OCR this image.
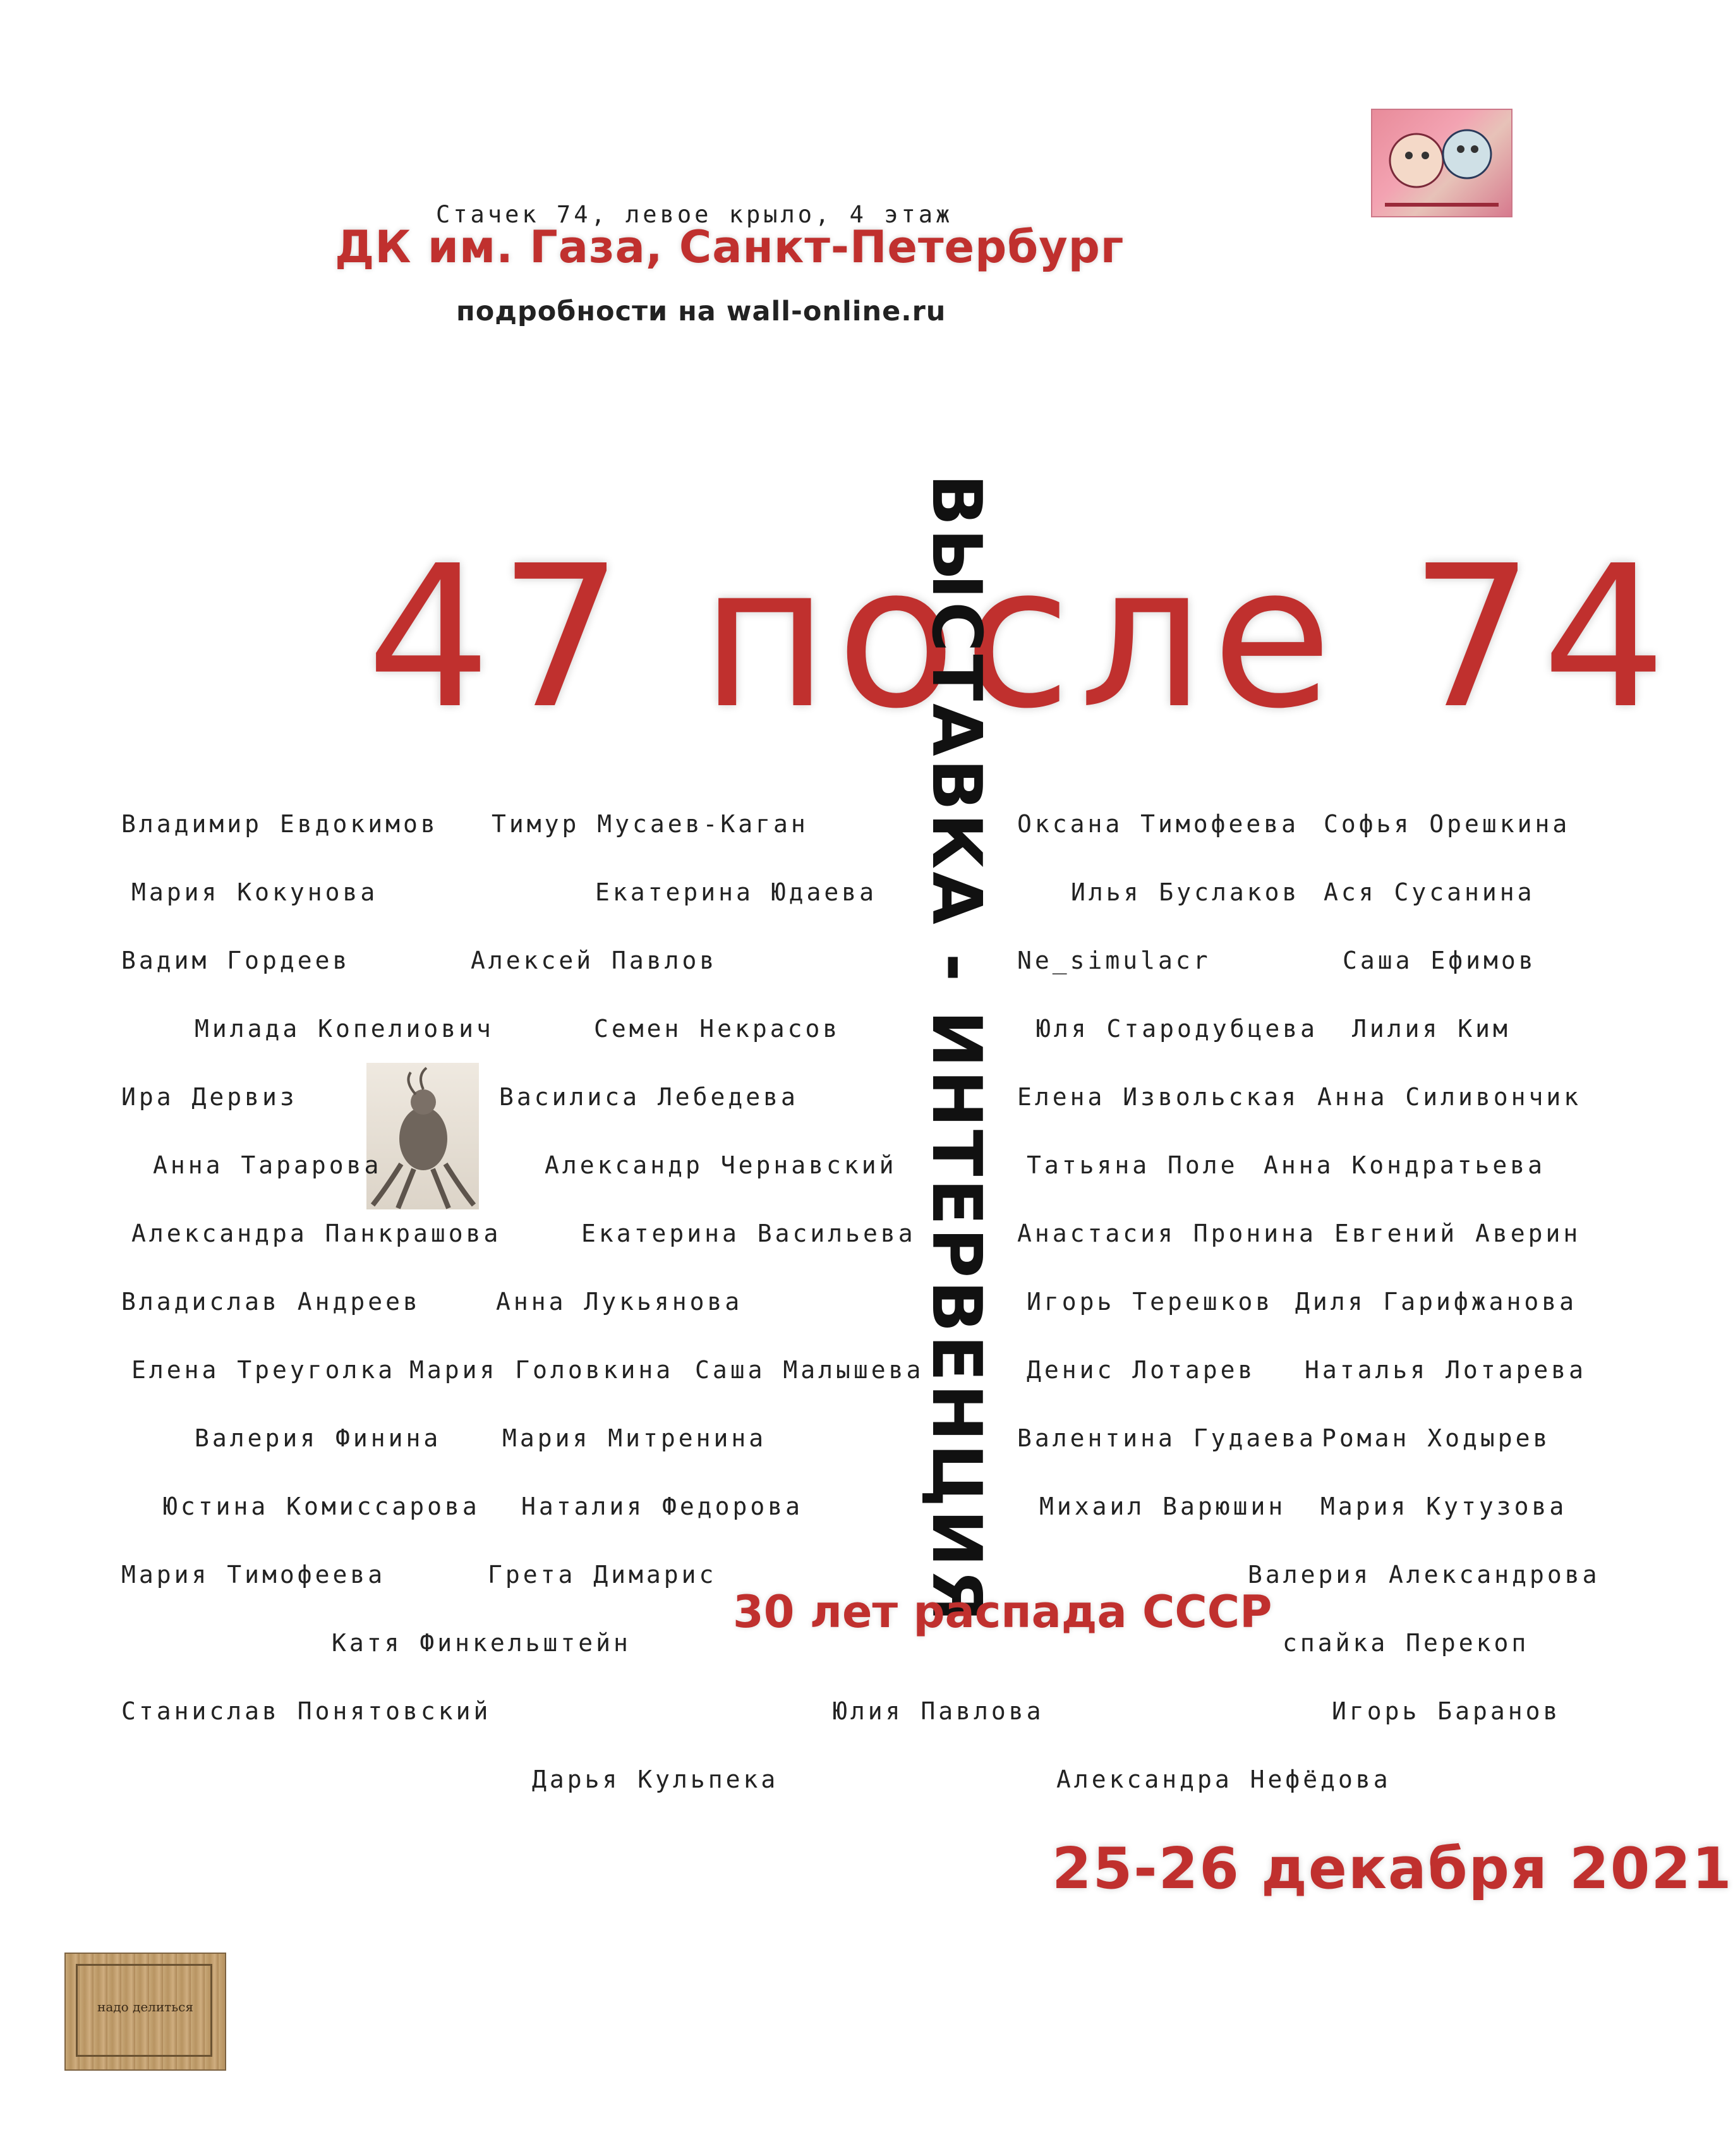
Стачек 74, левое крыло, 4 этаж
ДК им. Газа, Санкт-Петербург
подробности на wall-online.ru
47 после 74
ВЫСТАВКА - ИНТЕРВЕНЦИЯ
Владимир Евдокимов Тимур Мусаев-Каган	Оксана Тимофеева Софья Орешкина
Мария Кокунова	Екатерина Юдаева	Илья Буслаков Ася Сусанина
Вадим Гордеев	Алексей Павлов	Ne_simulacr	Саша Ефимов
Милада Копелиович	Семен Некрасов	Юля Стародубцева Лилия Ким
Ира Дервиз	Василиса Лебедева	Елена Извольская Анна Силивончик
Анна Тарарова	Александр Чернавский	Татьяна Поле Анна Кондратьева
Александра Панкрашова	Екатерина Васильева	Анастасия Пронина Евгений Аверин
Владислав Андреев	Анна Лукьянова	Игорь Терешков Диля Гарифжанова
Елена Треуголка Мария Головкина Саша Малышева	Денис Лотарев Наталья Лотарева
Валерия Финина	Мария Митренина	Валентина Гудаева Роман Ходырев
Юстина Комиссарова Наталия Федорова	Михаил Варюшин Мария Кутузова
Мария Тимофеева	Грета Димарис	Валерия Александрова
Катя Финкельштейн	спайка Перекоп
Станислав Понятовский	Юлия Павлова	Игорь Баранов
Дарья Кульпека	Александра Нефёдова
30 лет распада СССР
25-26 декабря 2021
надо делиться
